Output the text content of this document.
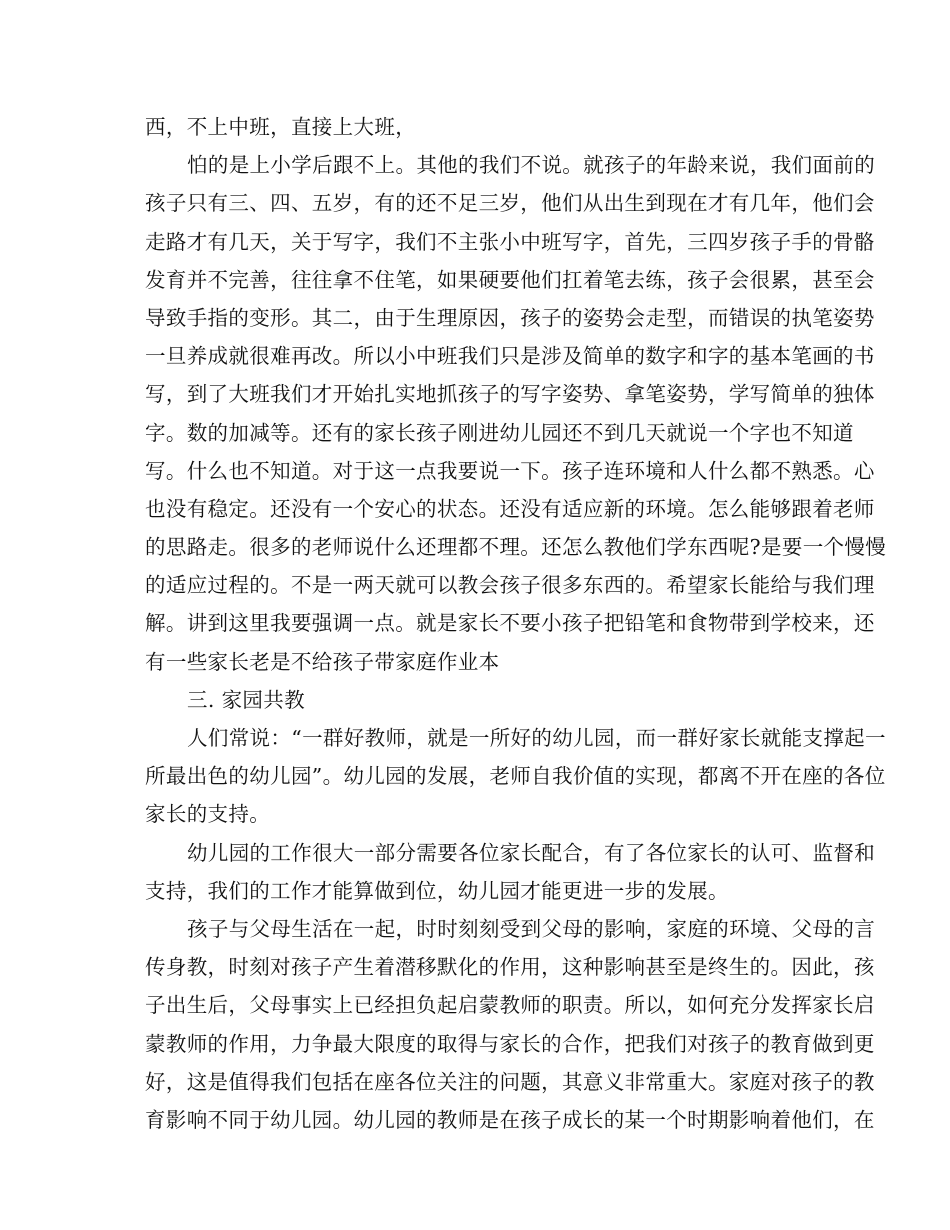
西，不上中班，直接上大班，
怕的是上小学后跟不上。其他的我们不说。就孩子的年龄来说，我们面前的
孩子只有三、四、五岁，有的还不足三岁，他们从出生到现在才有几年，他们会
走路才有几天，关于写字，我们不主张小中班写字，首先，三四岁孩子手的骨骼
发育并不完善，往往拿不住笔，如果硬要他们扛着笔去练，孩子会很累，甚至会
导致手指的变形。其二，由于生理原因，孩子的姿势会走型，而错误的执笔姿势
一旦养成就很难再改。所以小中班我们只是涉及简单的数字和字的基本笔画的书
写，到了大班我们才开始扎实地抓孩子的写字姿势、拿笔姿势，学写简单的独体
字。数的加减等。还有的家长孩子刚进幼儿园还不到几天就说一个字也不知道
写。什么也不知道。对于这一点我要说一下。孩子连环境和人什么都不熟悉。心
也没有稳定。还没有一个安心的状态。还没有适应新的环境。怎么能够跟着老师
的思路走。很多的老师说什么还理都不理。还怎么教他们学东西呢?是要一个慢慢
的适应过程的。不是一两天就可以教会孩子很多东西的。希望家长能给与我们理
解。讲到这里我要强调一点。就是家长不要小孩子把铅笔和食物带到学校来，还
有一些家长老是不给孩子带家庭作业本
三. 家园共教
人们常说：“一群好教师，就是一所好的幼儿园，而一群好家长就能支撑起一
所最出色的幼儿园”。幼儿园的发展，老师自我价值的实现，都离不开在座的各位
家长的支持。
幼儿园的工作很大一部分需要各位家长配合，有了各位家长的认可、监督和
支持，我们的工作才能算做到位，幼儿园才能更进一步的发展。
孩子与父母生活在一起，时时刻刻受到父母的影响，家庭的环境、父母的言
传身教，时刻对孩子产生着潜移默化的作用，这种影响甚至是终生的。因此，孩
子出生后，父母事实上已经担负起启蒙教师的职责。所以，如何充分发挥家长启
蒙教师的作用，力争最大限度的取得与家长的合作，把我们对孩子的教育做到更
好，这是值得我们包括在座各位关注的问题，其意义非常重大。家庭对孩子的教
育影响不同于幼儿园。幼儿园的教师是在孩子成长的某一个时期影响着他们，在
